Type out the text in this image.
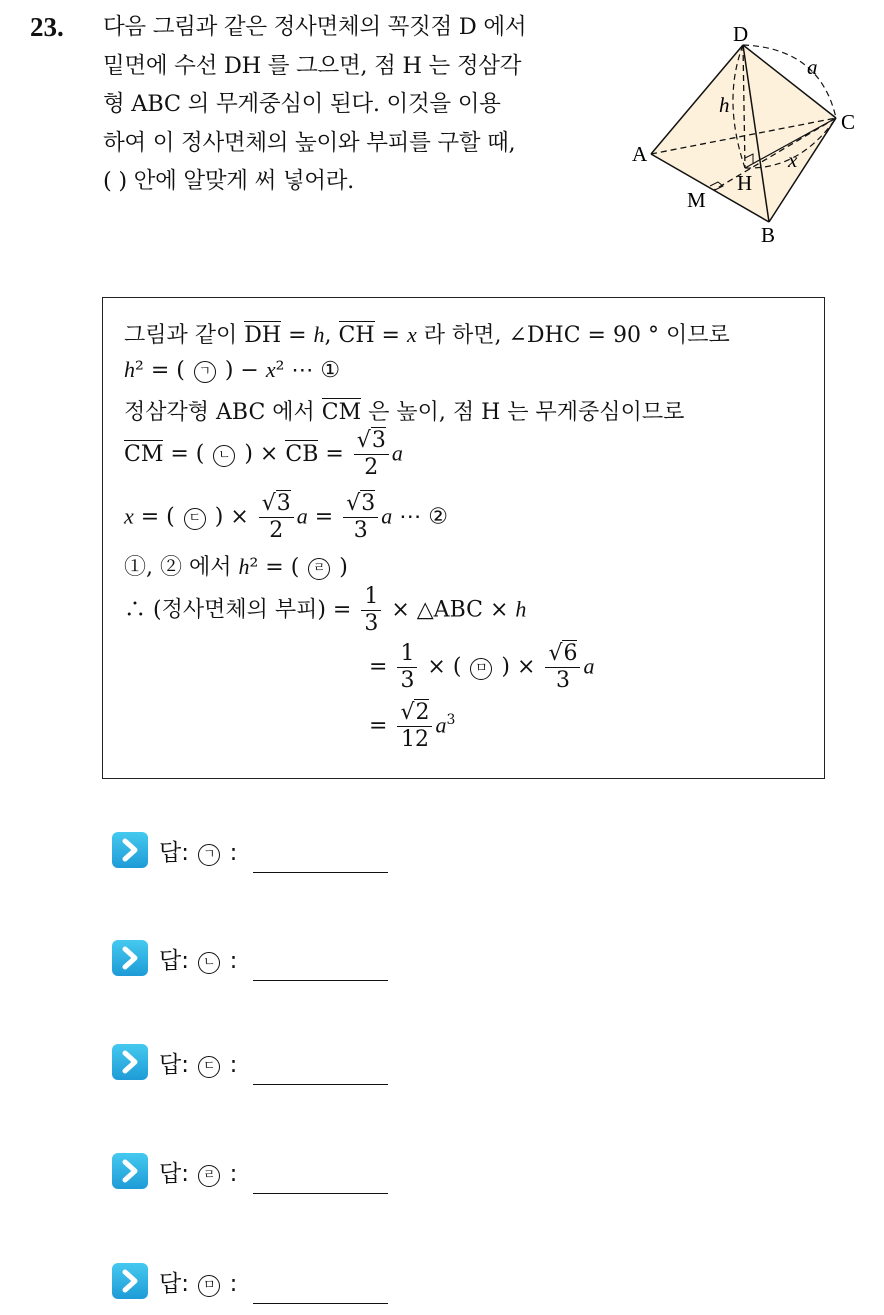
23. 다음 그림과 같은 정사면체의 꼭짓점 D 에서
밑면에 수선 DH 를 그으면, 점 H 는 정삼각
형 ABC 의 무게중심이 된다. 이것을 이용
하여 이 정사면체의 높이와 부피를 구할 때,
( ) 안에 알맞게 써 넣어라.
D
A
B
C
H
M
a
h
x
그림과 같이 DH = h, CH = x 라 하면, ∠DHC = 90 ° 이므로
h² = ( ㄱ ) − x² ⋯ ①
정삼각형 ABC 에서 CM 은 높이, 점 H 는 무게중심이므로
CM = ( ㄴ ) × CB = $\frac{√3}{2}$ a
x = ( ㄷ ) × $\frac{√3}{2}$ $a = \frac{√3}{3}$ a ⋯ ②
①, ② 에서 h² = ( ㄹ )
∴ (정사면체의 부피) = $\frac{1}{3}$ × △ABC × h
= $\frac{1}{3}$ × ( ㅁ ) × $\frac{√6}{3}$ a
= $\frac{√2}{12} a^3$
답: ㄱ :
답: ㄴ :
답: ㄷ :
답: ㄹ :
답: ㅁ :
